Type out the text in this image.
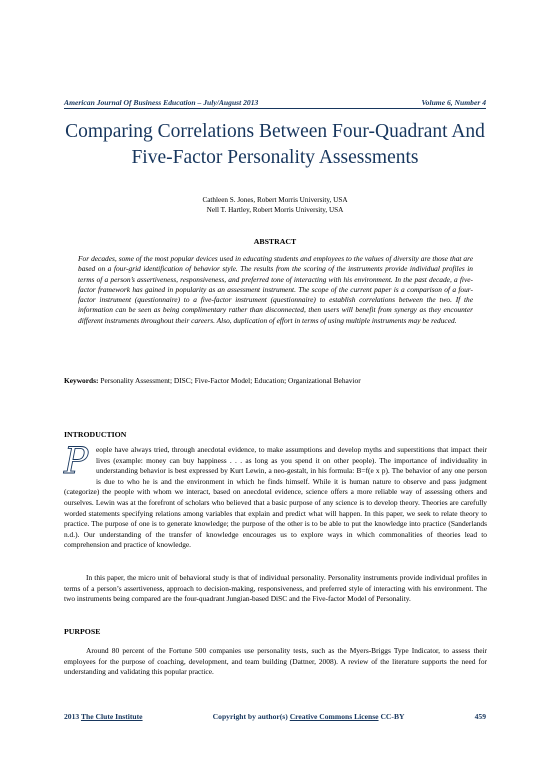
American Journal Of Business Education – July/August 2013	Volume 6, Number 4
Comparing Correlations Between Four-Quadrant And Five-Factor Personality Assessments
Cathleen S. Jones, Robert Morris University, USA
Nell T. Hartley, Robert Morris University, USA
ABSTRACT
For decades, some of the most popular devices used in educating students and employees to the values of diversity are those that are based on a four-grid identification of behavior style. The results from the scoring of the instruments provide individual profiles in terms of a person’s assertiveness, responsiveness, and preferred tone of interacting with his environment. In the past decade, a five-factor framework has gained in popularity as an assessment instrument. The scope of the current paper is a comparison of a four-factor instrument (questionnaire) to a five-factor instrument (questionnaire) to establish correlations between the two. If the information can be seen as being complimentary rather than disconnected, then users will benefit from synergy as they encounter different instruments throughout their careers. Also, duplication of effort in terms of using multiple instruments may be reduced.
Keywords: Personality Assessment; DISC; Five-Factor Model; Education; Organizational Behavior
INTRODUCTION
P eople have always tried, through anecdotal evidence, to make assumptions and develop myths and superstitions that impact their lives (example: money can buy happiness . . . as long as you spend it on other people). The importance of individuality in understanding behavior is best expressed by Kurt Lewin, a neo-gestalt, in his formula: B=f(e x p). The behavior of any one person is due to who he is and the environment in which he finds himself. While it is human nature to observe and pass judgment (categorize) the people with whom we interact, based on anecdotal evidence, science offers a more reliable way of assessing others and ourselves. Lewin was at the forefront of scholars who believed that a basic purpose of any science is to develop theory. Theories are carefully worded statements specifying relations among variables that explain and predict what will happen. In this paper, we seek to relate theory to practice. The purpose of one is to generate knowledge; the purpose of the other is to be able to put the knowledge into practice (Sanderlands n.d.). Our understanding of the transfer of knowledge encourages us to explore ways in which commonalities of theories lead to comprehension and practice of knowledge.
In this paper, the micro unit of behavioral study is that of individual personality. Personality instruments provide individual profiles in terms of a person’s assertiveness, approach to decision-making, responsiveness, and preferred style of interacting with his environment. The two instruments being compared are the four-quadrant Jungian-based DiSC and the Five-factor Model of Personality.
PURPOSE
Around 80 percent of the Fortune 500 companies use personality tests, such as the Myers-Briggs Type Indicator, to assess their employees for the purpose of coaching, development, and team building (Dattner, 2008). A review of the literature supports the need for understanding and validating this popular practice.
2013 The Clute Institute	Copyright by author(s) Creative Commons License CC-BY	459
